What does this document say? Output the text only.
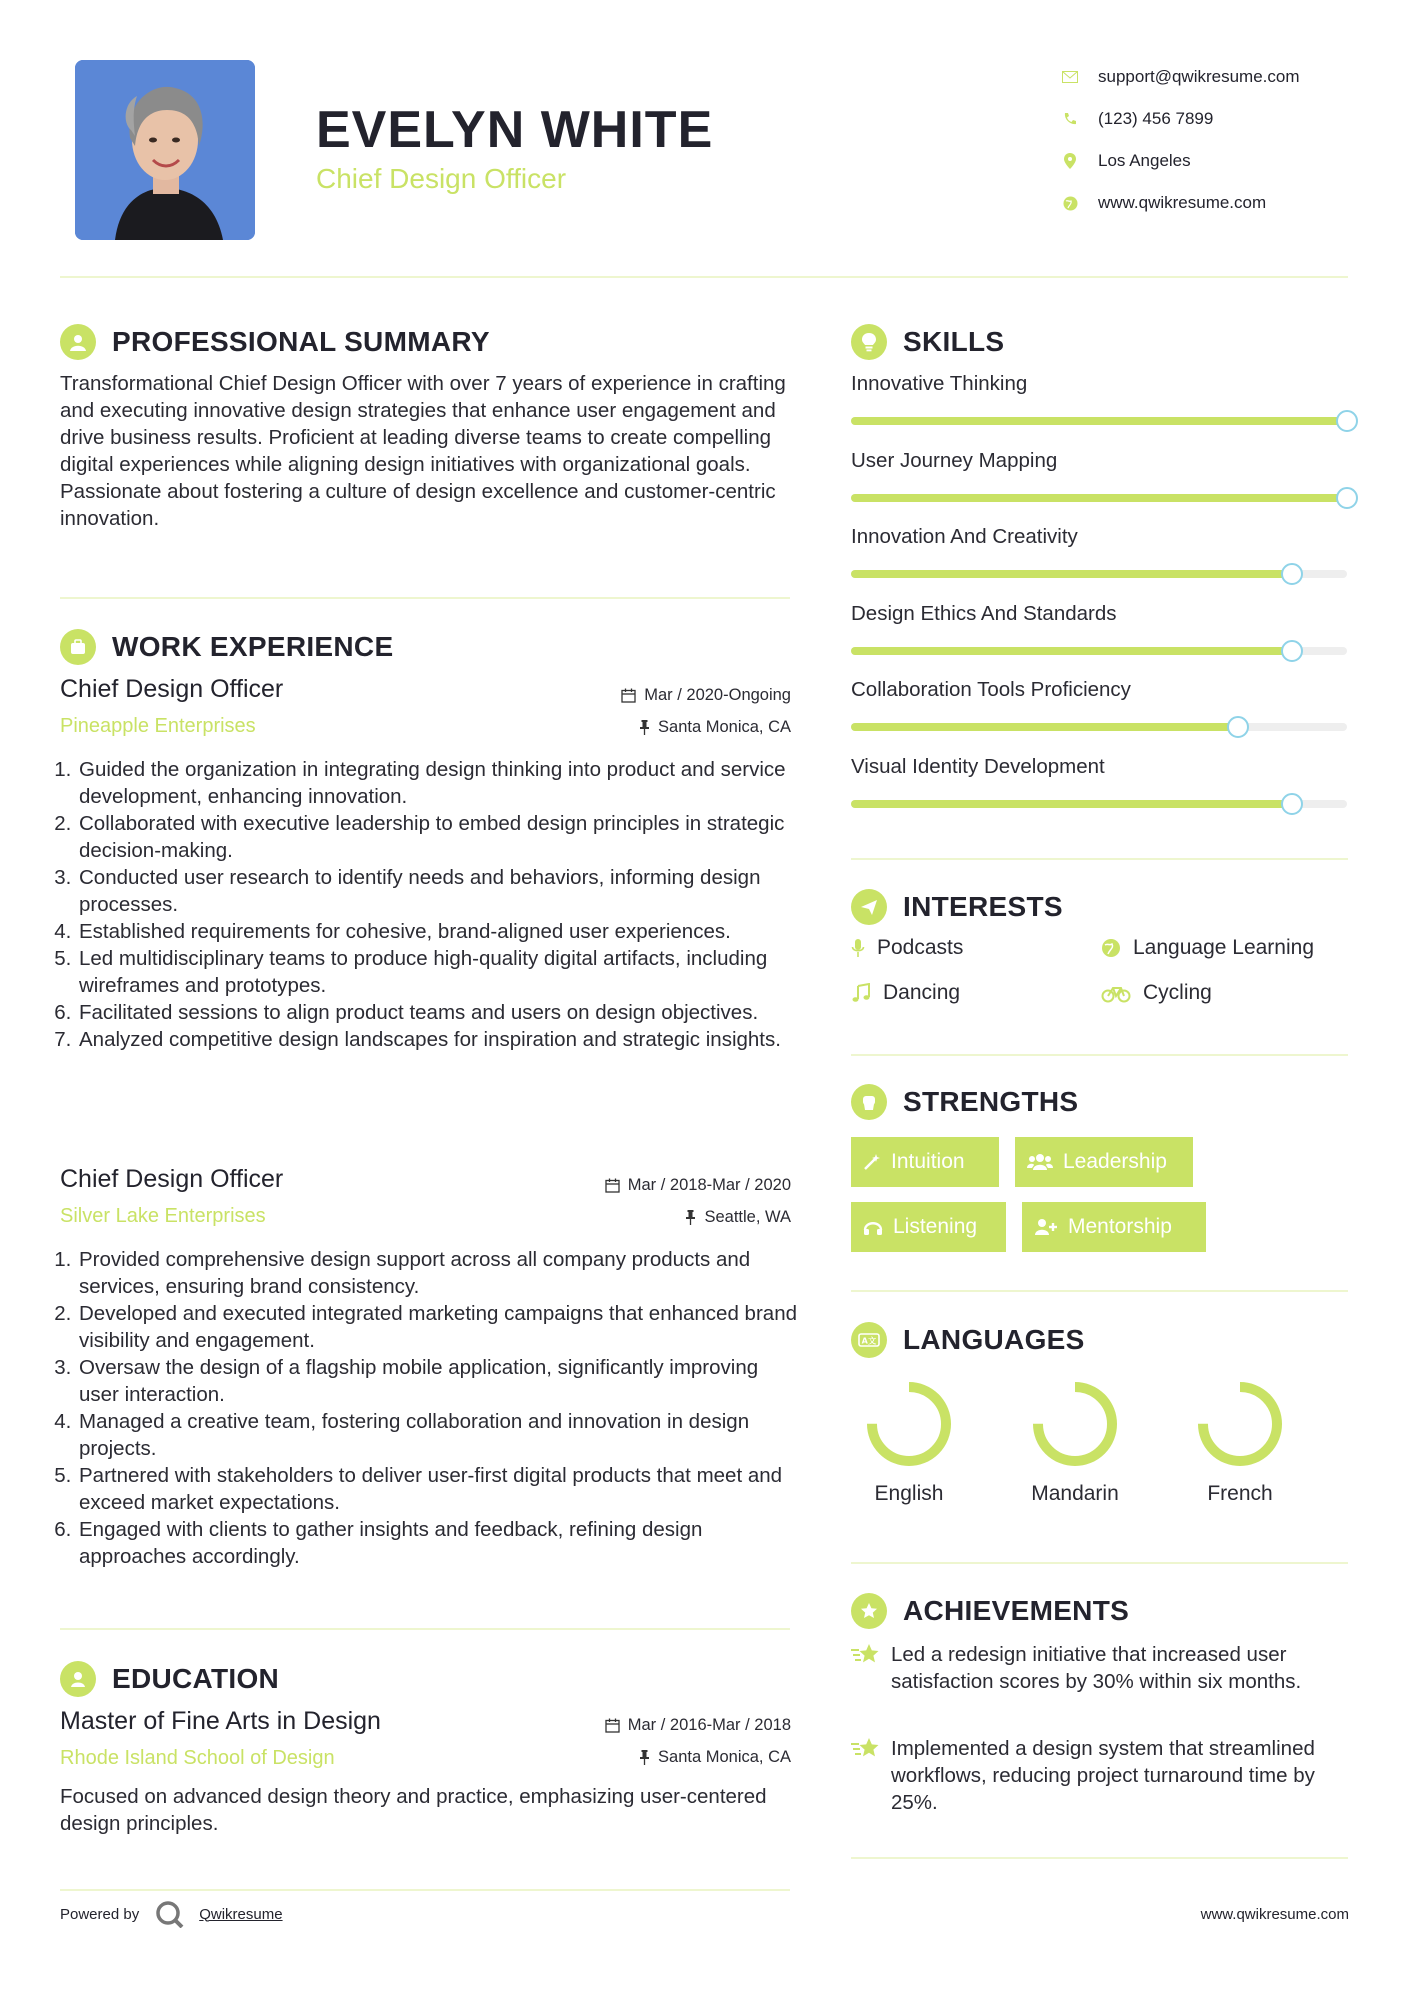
EVELYN WHITE
Chief Design Officer
support@qwikresume.com
(123) 456 7899
Los Angeles
www.qwikresume.com
PROFESSIONAL SUMMARY
Transformational Chief Design Officer with over 7 years of experience in crafting and executing innovative design strategies that enhance user engagement and drive business results. Proficient at leading diverse teams to create compelling digital experiences while aligning design initiatives with organizational goals. Passionate about fostering a culture of design excellence and customer-centric innovation.
WORK EXPERIENCE
Chief Design Officer	Mar / 2020-Ongoing
Pineapple Enterprises	Santa Monica, CA
1. Guided the organization in integrating design thinking into product and service development, enhancing innovation.
2. Collaborated with executive leadership to embed design principles in strategic decision-making.
3. Conducted user research to identify needs and behaviors, informing design processes.
4. Established requirements for cohesive, brand-aligned user experiences.
5. Led multidisciplinary teams to produce high-quality digital artifacts, including wireframes and prototypes.
6. Facilitated sessions to align product teams and users on design objectives.
7. Analyzed competitive design landscapes for inspiration and strategic insights.
Chief Design Officer	Mar / 2018-Mar / 2020
Silver Lake Enterprises	Seattle, WA
1. Provided comprehensive design support across all company products and services, ensuring brand consistency.
2. Developed and executed integrated marketing campaigns that enhanced brand visibility and engagement.
3. Oversaw the design of a flagship mobile application, significantly improving user interaction.
4. Managed a creative team, fostering collaboration and innovation in design projects.
5. Partnered with stakeholders to deliver user-first digital products that meet and exceed market expectations.
6. Engaged with clients to gather insights and feedback, refining design approaches accordingly.
EDUCATION
Master of Fine Arts in Design	Mar / 2016-Mar / 2018
Rhode Island School of Design	Santa Monica, CA
Focused on advanced design theory and practice, emphasizing user-centered design principles.
SKILLS
Innovative Thinking
User Journey Mapping
Innovation And Creativity
Design Ethics And Standards
Collaboration Tools Proficiency
Visual Identity Development
INTERESTS
Podcasts	Language Learning
Dancing	Cycling
STRENGTHS
Intuition	Leadership
Listening	Mentorship
A文 LANGUAGES
English	Mandarin	French
ACHIEVEMENTS
Led a redesign initiative that increased user satisfaction scores by 30% within six months.
Implemented a design system that streamlined workflows, reducing project turnaround time by 25%.
Powered by	Qwikresume	www.qwikresume.com
